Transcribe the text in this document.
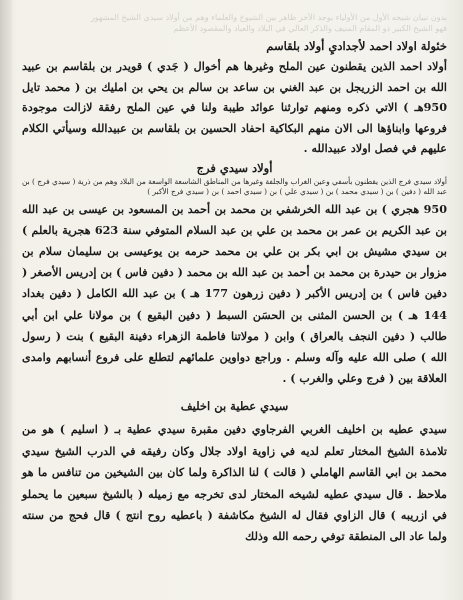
بدون تبيان شيخه الأول من الأولياء يوجد الآخر ظاهر بين الشيوخ والعلماء وهم من أولاد سيدي الشيخ المشهور
فهو الشيخ الكبير ذو المقام المنيف والذكر العالي في البلاد والعباد والمقصود الأعظم
خئولة اولاد احمد لأجداديِ أولاد بلقاسم
أولاد احمد الذين يقطنون عين الملح وغيرها هم أخوال ( جَدي ) قويدر بن بلقاسم بن عبيد الله بن احمد الزريجل بن عبد الغني بن ساعد بن سالم بن يحي بن امليك بن ( محمد تايل 950هـ ) الاتي ذكره ومنهم توارثنا عوائد طيبة ولنا في عين الملح رفقة لازالت موجودة فروعها وابناؤها الى الان منهم البكاكية احفاد الحسين بن بلقاسم بن عبيدالله وسيأتي الكلام عليهم في فصل اولاد عبيدالله .
أولاد سيدي فرج
أولاد سيدي فرج الذين يقطنون بأسفي وعين الغراب والجلفة وغيرها من المناطق الشاسعة الواسعة من البلاد وهم من ذرية ( سيدي فرج ) بن عبد الله ( دفين ) بن ( سيدي محمد ) بن ( سيدي علي ) بن ( سيدي احمد ) بن ( سيدي فرج الأكبر )
950 هجري ) بن عبد الله الخرشفي بن محمد بن أحمد بن المسعود بن عيسى بن عبد الله بن عبد الكريم بن عمر بن محمد بن علي بن عبد السلام المتوفي سنة 623 هجرية بالعلم ) بن سيدي مشيش بن ابي بكر بن علي بن محمد حرمه بن يوعيسى بن سليمان سلام بن مزوار بن حيدرة بن محمد بن أحمد بن عبد الله بن محمد ( دفين فاس ) بن إدريس الأصغر ( دفين فاس ) بن إدريس الأكبر ( دفين زرهون 177 هـ ) بن عبد الله الكامل ( دفين بغداد 144 هـ ) بن الحسن المثنى بن الحسَن السبط ( دفين البقيع ) بن مولانا علي ابن أبي طالب ( دفين النجف بالعراق ) وابن ( مولاتنا فاطمة الزهراء دفينة البقيع ) بنت ( رسول الله ) صلى الله عليه وآله وسلم . وراجع دواوين علمائهم لتطلع على فروع أنسابهم وامدى العلاقة بين ( فرج وعلي والغرب ) .
سيدي عطية بن اخليف
سيدي عطيه بن اخليف الغربي الفرجاوي دفين مقبرة سيدي عطية بـ ( اسليم ) هو من تلامذة الشيخ المختار تعلم لديه في زاوية اولاد جلال وكان رفيقه في الدرب الشيخ سيدي محمد بن ابي القاسم الهاملي ( قالت ) لنا الذاكرة ولما كان بين الشيخين من تنافس ما هو ملاحظ . قال سيدي عطيه لشيخه المختار لدى تخرجه مع زميله ( بالشيخ سبعين ما يحملو في ازريبه ) قال الزاوي فقال له الشيخ مكاشفة ( باعطيه روح انتج ) قال فحج من سنته ولما عاد الى المنطقة توفي رحمه الله وذلك
